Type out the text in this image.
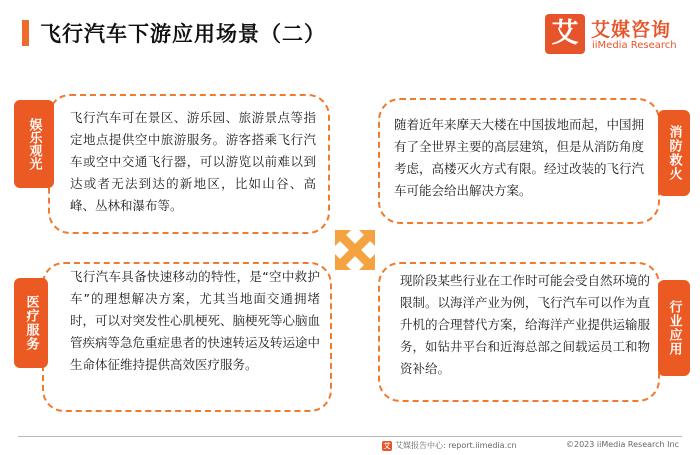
飞行汽车下游应用场景（二）	艾 艾媒咨询
iiMedia Research
飞行汽车可在景区、游乐园、旅游景点等指定地点提供空中旅游服务。游客搭乘飞行汽车或空中交通飞行器，可以游览以前难以到达或者无法到达的新地区，比如山谷、高峰、丛林和瀑布等。
娱乐观光	随着近年来摩天大楼在中国拔地而起，中国拥有了全世界主要的高层建筑，但是从消防角度考虑，高楼灭火方式有限。经过改装的飞行汽车可能会给出解决方案。
消防救火
飞行汽车具备快速移动的特性，是“空中救护车”的理想解决方案，尤其当地面交通拥堵时，可以对突发性心肌梗死、脑梗死等心脑血管疾病等急危重症患者的快速转运及转运途中生命体征维持提供高效医疗服务。
医疗服务
现阶段某些行业在工作时可能会受自然环境的限制。以海洋产业为例，飞行汽车可以作为直升机的合理替代方案，给海洋产业提供运输服务，如钻井平台和近海总部之间载运员工和物资补给。
行业应用
艾 艾媒报告中心: report.iimedia.cn	©2023 iiMedia Research Inc
